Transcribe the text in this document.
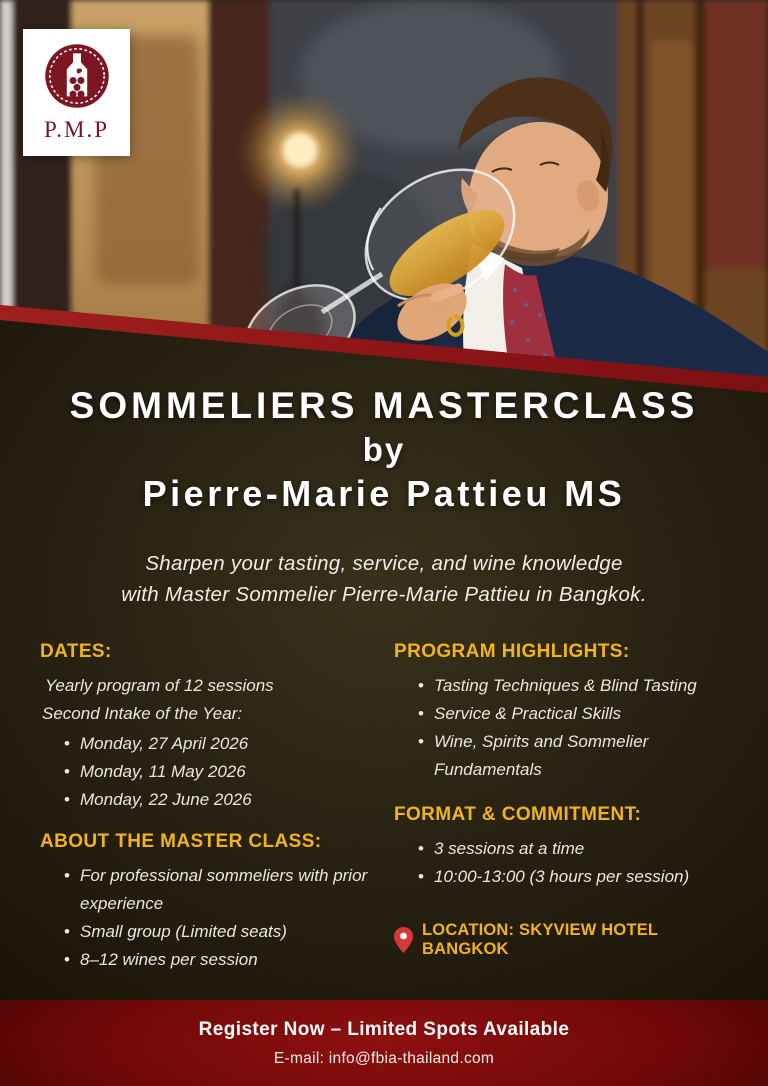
P.M.P
SOMMELIERS MASTERCLASS
by
Pierre-Marie Pattieu MS
Sharpen your tasting, service, and wine knowledge
with Master Sommelier Pierre-Marie Pattieu in Bangkok.
DATES:
Yearly program of 12 sessions
Second Intake of the Year:
• Monday, 27 April 2026
• Monday, 11 May 2026
• Monday, 22 June 2026
ABOUT THE MASTER CLASS:
• For professional sommeliers with prior experience
• Small group (Limited seats)
• 8–12 wines per session
PROGRAM HIGHLIGHTS:
• Tasting Techniques & Blind Tasting
• Service & Practical Skills
• Wine, Spirits and Sommelier Fundamentals
FORMAT & COMMITMENT:
• 3 sessions at a time
• 10:00-13:00 (3 hours per session)
LOCATION: SKYVIEW HOTEL BANGKOK
Register Now – Limited Spots Available
E-mail: info@fbia-thailand.com
